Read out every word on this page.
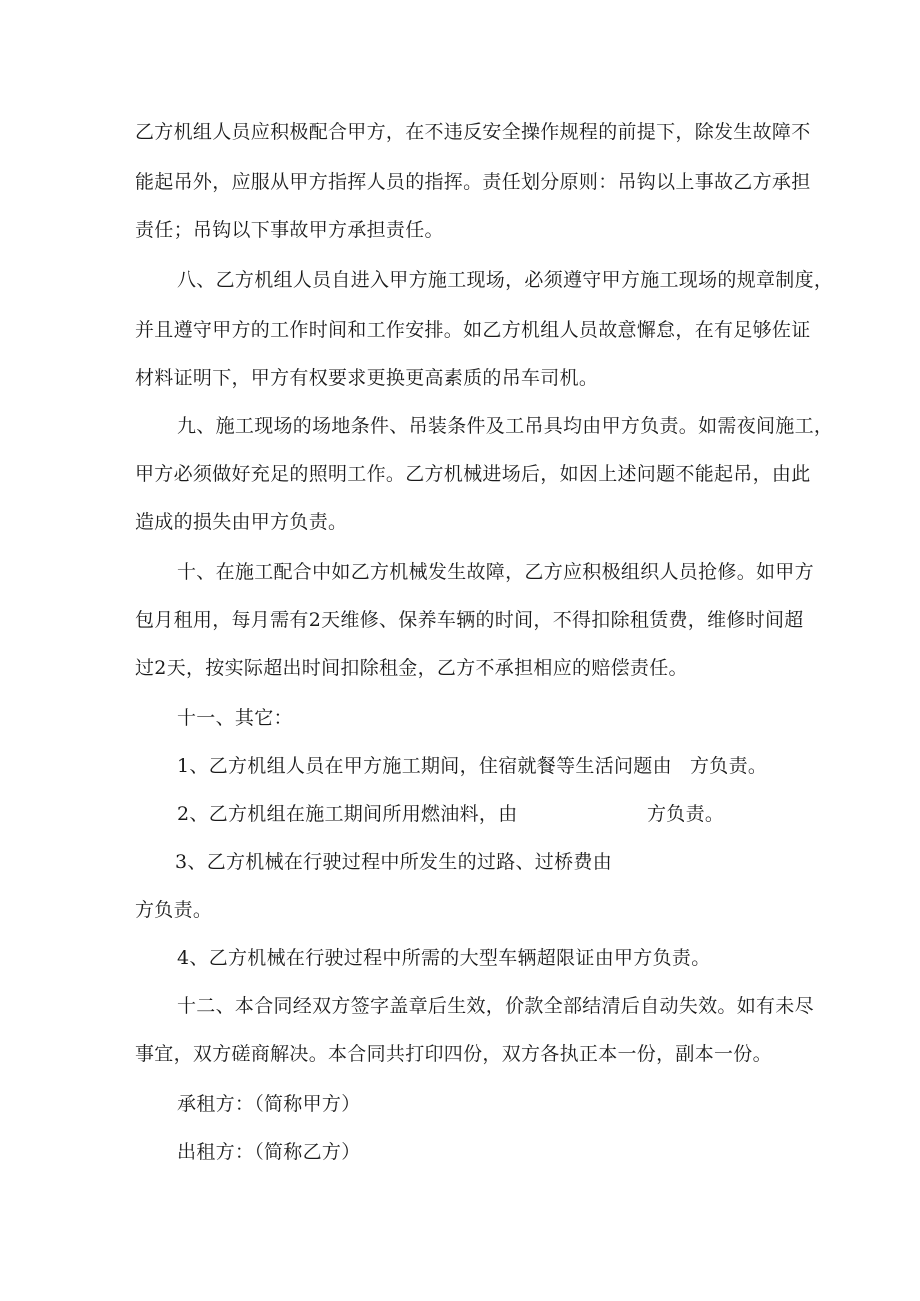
乙方机组人员应积极配合甲方，在不违反安全操作规程的前提下，除发生故障不
能起吊外，应服从甲方指挥人员的指挥。责任划分原则：吊钩以上事故乙方承担
责任；吊钩以下事故甲方承担责任。
八、乙方机组人员自进入甲方施工现场，必须遵守甲方施工现场的规章制度，
并且遵守甲方的工作时间和工作安排。如乙方机组人员故意懈怠，在有足够佐证
材料证明下，甲方有权要求更换更高素质的吊车司机。
九、施工现场的场地条件、吊装条件及工吊具均由甲方负责。如需夜间施工，
甲方必须做好充足的照明工作。乙方机械进场后，如因上述问题不能起吊，由此
造成的损失由甲方负责。
十、在施工配合中如乙方机械发生故障，乙方应积极组织人员抢修。如甲方
包月租用，每月需有2天维修、保养车辆的时间，不得扣除租赁费，维修时间超
过2天，按实际超出时间扣除租金，乙方不承担相应的赔偿责任。
十一、其它：
1、乙方机组人员在甲方施工期间，住宿就餐等生活问题由 方负责。
2、乙方机组在施工期间所用燃油料，由	方负责。
3、乙方机械在行驶过程中所发生的过路、过桥费由
方负责。
4、乙方机械在行驶过程中所需的大型车辆超限证由甲方负责。
十二、本合同经双方签字盖章后生效，价款全部结清后自动失效。如有未尽
事宜，双方磋商解决。本合同共打印四份，双方各执正本一份，副本一份。
承租方：（简称甲方）
出租方：（简称乙方）
